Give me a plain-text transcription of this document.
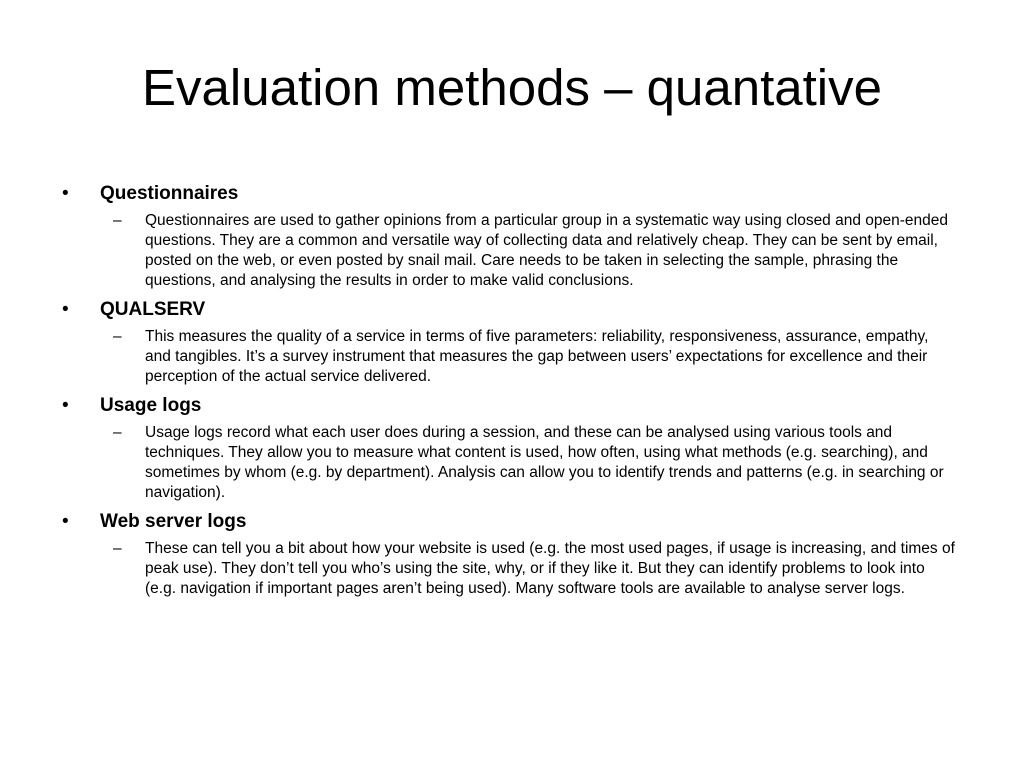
Evaluation methods – quantative
• Questionnaires
– Questionnaires are used to gather opinions from a particular group in a systematic way using closed and open-ended questions. They are a common and versatile way of collecting data and relatively cheap. They can be sent by email, posted on the web, or even posted by snail mail. Care needs to be taken in selecting the sample, phrasing the questions, and analysing the results in order to make valid conclusions.

• QUALSERV
– This measures the quality of a service in terms of five parameters: reliability, responsiveness, assurance, empathy, and tangibles. It’s a survey instrument that measures the gap between users’ expectations for excellence and their perception of the actual service delivered.

• Usage logs
– Usage logs record what each user does during a session, and these can be analysed using various tools and techniques. They allow you to measure what content is used, how often, using what methods (e.g. searching), and sometimes by whom (e.g. by department). Analysis can allow you to identify trends and patterns (e.g. in searching or navigation).

• Web server logs
– These can tell you a bit about how your website is used (e.g. the most used pages, if usage is increasing, and times of peak use). They don’t tell you who’s using the site, why, or if they like it. But they can identify problems to look into (e.g. navigation if important pages aren’t being used). Many software tools are available to analyse server logs.
